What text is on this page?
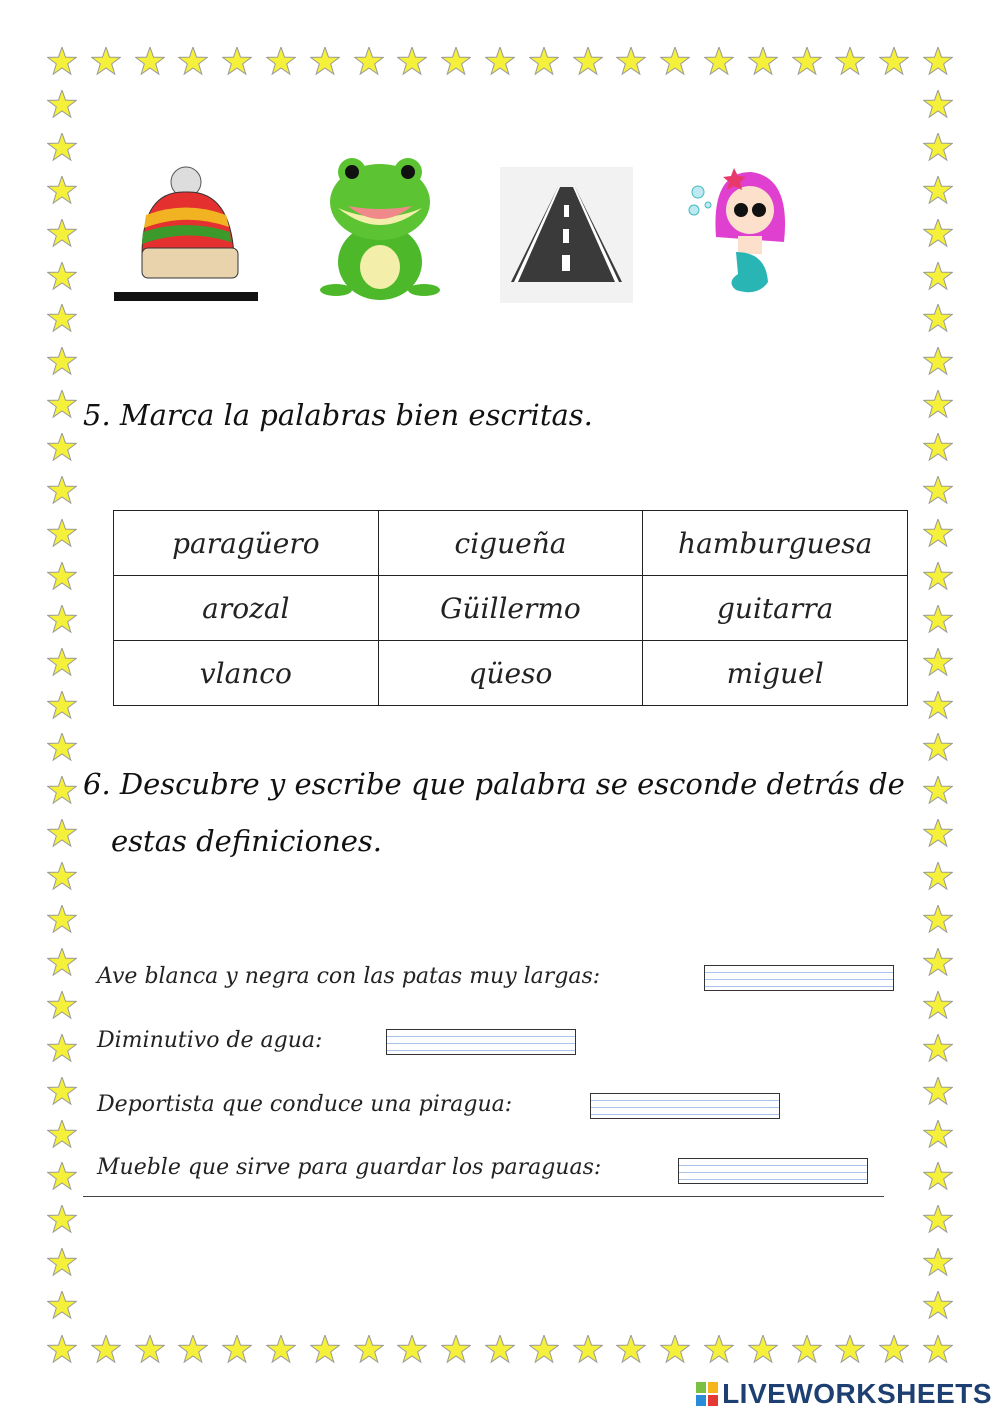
5. Marca la palabras bien escritas.
paragüero	cigueña	hamburguesa
arozal	Güillermo	guitarra
vlanco	qüeso	miguel
6. Descubre y escribe que palabra se esconde detrás de
estas definiciones.
Ave blanca y negra con las patas muy largas:
Diminutivo de agua:
Deportista que conduce una piragua:
Mueble que sirve para guardar los paraguas:
LIVEWORKSHEETS
